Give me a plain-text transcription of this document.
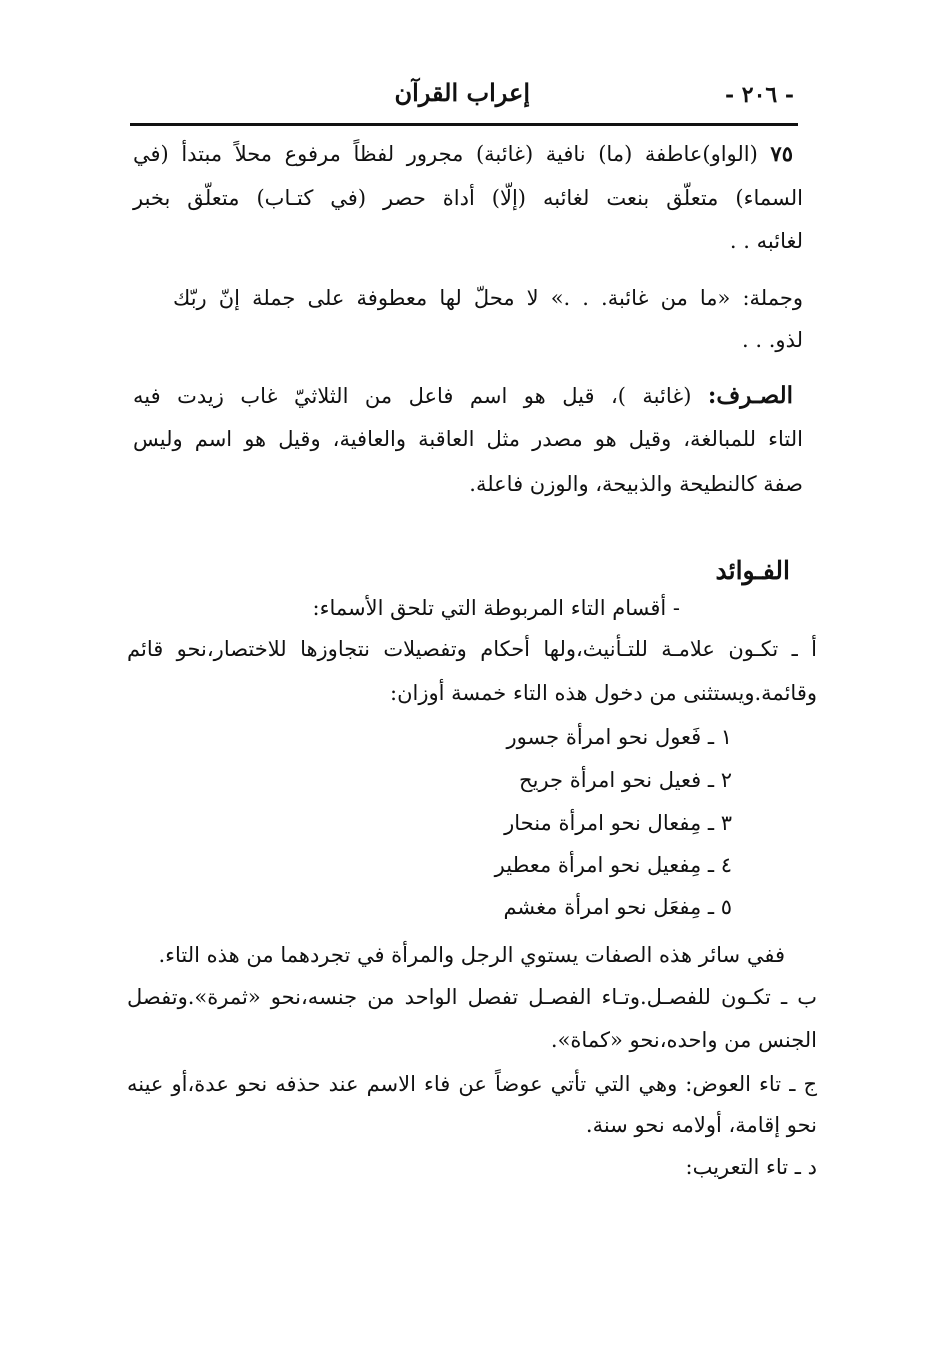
- ٢٠٦ -
إعراب القرآن
٧٥ (الواو)عاطفة (ما) نافية (غائبة) مجرور لفظاً مرفوع محلاً مبتدأ (في
السماء) متعلّق بنعت لغائبه (إلّا) أداة حصر (في كتـاب) متعلّق بخبر
لغائبه . .
وجملة: «ما من غائبة. . .» لا محلّ لها معطوفة على جملة إنّ ربّك
لذو. . .
الصـرف: (غائبة )، قيل هو اسم فاعل من الثلاثيّ غاب زيدت فيه
التاء للمبالغة، وقيل هو مصدر مثل العاقبة والعافية، وقيل هو اسم وليس
صفة كالنطيحة والذبيحة، والوزن فاعلة.
الفـوائد
- أقسام التاء المربوطة التي تلحق الأسماء:
أ ـ تكـون علامـة للتـأنيث،ولها أحكام وتفصيلات نتجاوزها للاختصار،نحو قائم
وقائمة.ويستثنى من دخول هذه التاء خمسة أوزان:
١ ـ فَعول نحو امرأة جسور
٢ ـ فعيل نحو امرأة جريح
٣ ـ مِفعال نحو امرأة منحار
٤ ـ مِفعيل نحو امرأة معطير
٥ ـ مِفعَل نحو امرأة مغشم
ففي سائر هذه الصفات يستوي الرجل والمرأة في تجردهما من هذه التاء.
ب ـ تكـون للفصـل.وتـاء الفصـل تفصل الواحد من جنسه،نحو «ثمرة».وتفصل
الجنس من واحده،نحو «كماة».
ج ـ تاء العوض: وهي التي تأتي عوضاً عن فاء الاسم عند حذفه نحو عدة،أو عينه
نحو إقامة، أولامه نحو سنة.
د ـ تاء التعريب:
